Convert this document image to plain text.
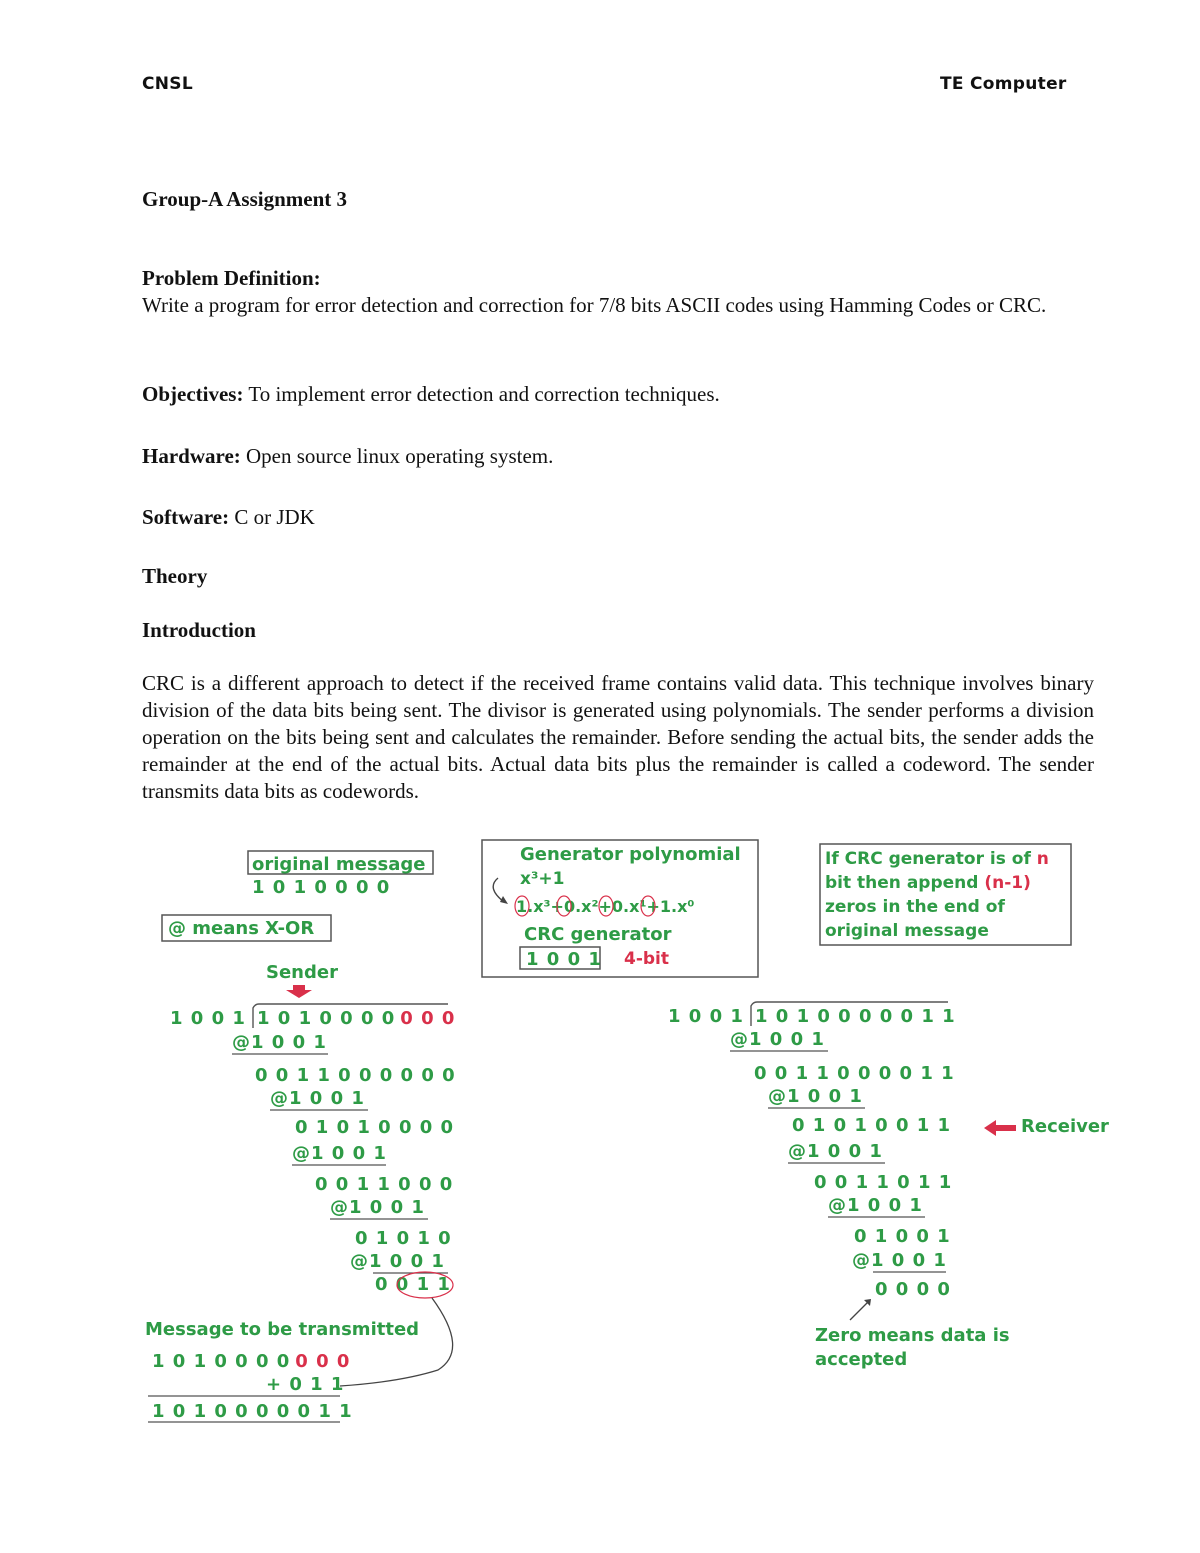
CNSL	TE Computer

Group-A Assignment 3

Problem Definition:

Write a program for error detection and correction for 7/8 bits ASCII codes using Hamming Codes or CRC.

Objectives: To implement error detection and correction techniques.

Hardware: Open source linux operating system.

Software: C or JDK

Theory

Introduction

CRC is a different approach to detect if the received frame contains valid data. This technique involves binary division of the data bits being sent. The divisor is generated using polynomials. The sender performs a division operation on the bits being sent and calculates the remainder. Before sending the actual bits, the sender adds the remainder at the end of the actual bits. Actual data bits plus the remainder is called a codeword. The sender transmits data bits as codewords.

original message
1 0 1 0 0 0 0
@ means X-OR
Sender
Generator polynomial
x³+1
1.x³+0.x²+0.x¹+1.x⁰
CRC generator
1 0 0 1 4-bit
If CRC generator is of n
bit then append (n-1)
zeros in the end of
original message
1 0 0 1 1 0 1 0 0 0 0 0 0 0
@1 0 0 1
0 0 1 1 0 0 0 0 0 0
@1 0 0 1
0 1 0 1 0 0 0 0
@1 0 0 1
0 0 1 1 0 0 0
@1 0 0 1
0 1 0 1 0
@1 0 0 1
0 0 1 1
Message to be transmitted
1 0 1 0 0 0 0 0 0 0
+ 0 1 1
1 0 1 0 0 0 0 0 1 1
1 0 0 1 1 0 1 0 0 0 0 0 1 1
@1 0 0 1
0 0 1 1 0 0 0 0 1 1
@1 0 0 1
0 1 0 1 0 0 1 1
@1 0 0 1
0 0 1 1 0 1 1
@1 0 0 1
0 1 0 0 1
@1 0 0 1
0 0 0 0
Receiver
Zero means data is
accepted
